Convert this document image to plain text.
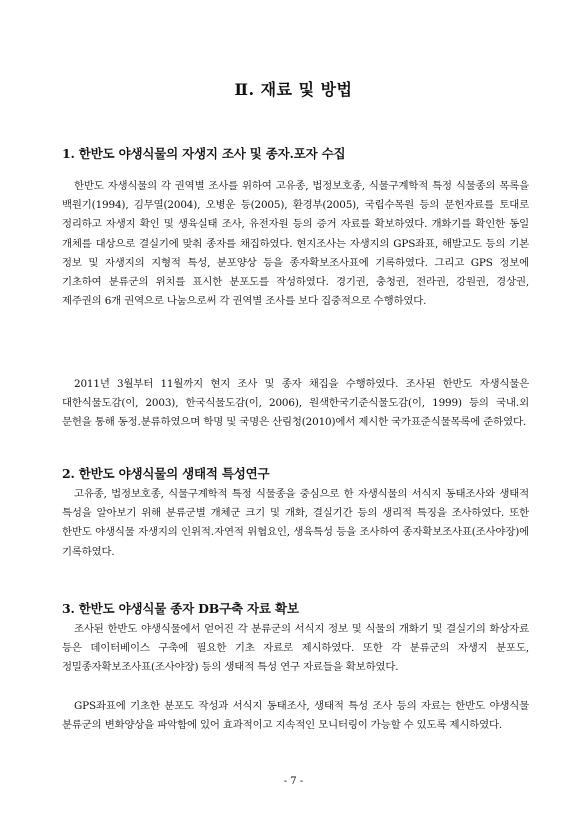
Ⅱ. 재료 및 방법
1. 한반도 야생식물의 자생지 조사 및 종자․포자 수집
한반도 자생식물의 각 권역별 조사를 위하여 고유종, 법정보호종, 식물구계학적 특정 식물종의 목록을 백원기(1994), 김무열(2004), 오병운 등(2005), 환경부(2005), 국립수목원 등의 문헌자료를 토대로 정리하고 자생지 확인 및 생육실태 조사, 유전자원 등의 증거 자료를 확보하였다. 개화기를 확인한 동일 개체를 대상으로 결실기에 맞춰 종자를 채집하였다. 현지조사는 자생지의 GPS좌표, 해발고도 등의 기본 정보 및 자생지의 지형적 특성, 분포양상 등을 종자확보조사표에 기록하였다. 그리고 GPS 정보에 기초하여 분류군의 위치를 표시한 분포도를 작성하였다. 경기권, 충청권, 전라권, 강원권, 경상권, 제주권의 6개 권역으로 나눔으로써 각 권역별 조사를 보다 집중적으로 수행하였다.
2011년 3월부터 11월까지 현지 조사 및 종자 채집을 수행하였다. 조사된 한반도 자생식물은 대한식물도감(이, 2003), 한국식물도감(이, 2006), 원색한국기준식물도감(이, 1999) 등의 국내․외 문헌을 통해 동정․분류하였으며 학명 및 국명은 산림청(2010)에서 제시한 국가표준식물목록에 준하였다.
2. 한반도 야생식물의 생태적 특성연구
고유종, 법정보호종, 식물구계학적 특정 식물종을 중심으로 한 자생식물의 서식지 동태조사와 생태적 특성을 알아보기 위해 분류군별 개체군 크기 및 개화, 결실기간 등의 생리적 특징을 조사하였다. 또한 한반도 야생식물 자생지의 인위적․자연적 위협요인, 생육특성 등을 조사하여 종자확보조사표(조사야장)에 기록하였다.
3. 한반도 야생식물 종자 DB구축 자료 확보
조사된 한반도 야생식물에서 얻어진 각 분류군의 서식지 정보 및 식물의 개화기 및 결실기의 화상자료 등은 데이터베이스 구축에 필요한 기초 자료로 제시하였다. 또한 각 분류군의 자생지 분포도, 정밀종자확보조사표(조사야장) 등의 생태적 특성 연구 자료들을 확보하였다.
GPS좌표에 기초한 분포도 작성과 서식지 동태조사, 생태적 특성 조사 등의 자료는 한반도 야생식물 분류군의 변화양상을 파악함에 있어 효과적이고 지속적인 모니터링이 가능할 수 있도록 제시하였다.
- 7 -
